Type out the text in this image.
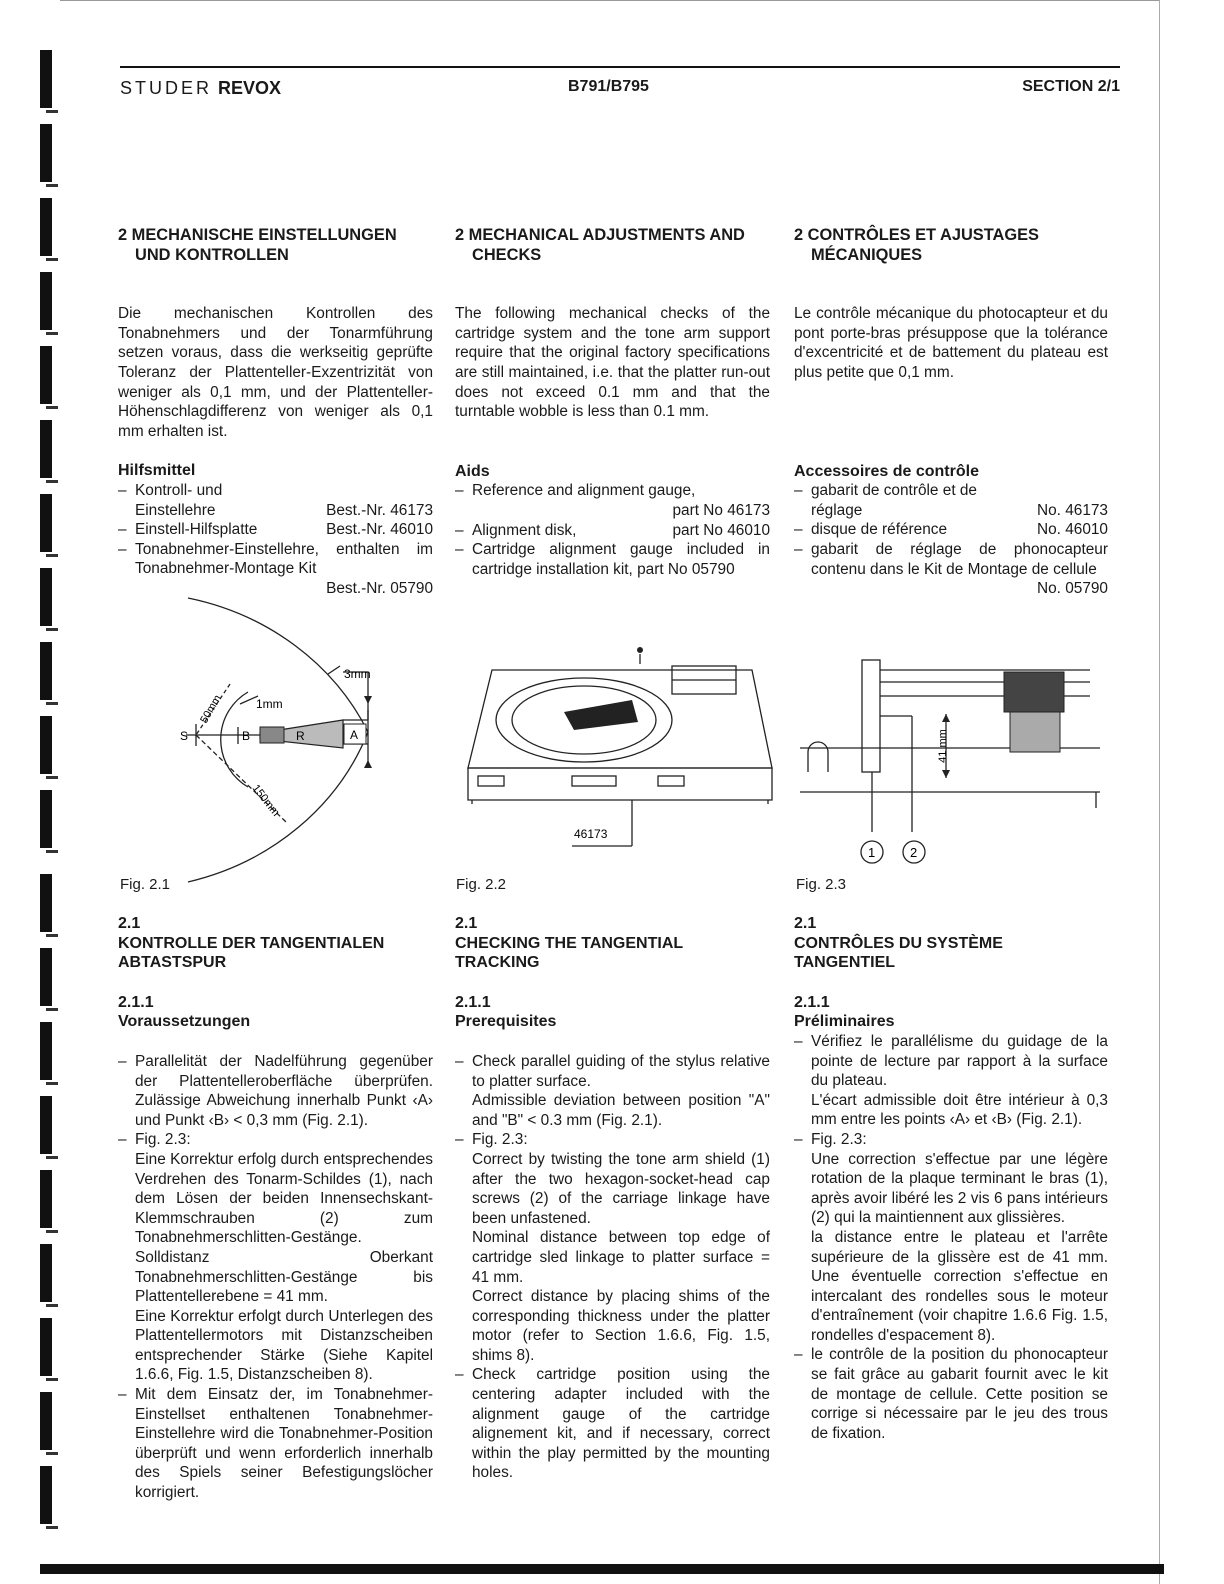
STUDER REVOX	B791/B795	SECTION 2/1
2 MECHANISCHE EINSTELLUNGEN
UND KONTROLLEN

Die mechanischen Kontrollen des Tonabnehmers und der Tonarmführung setzen voraus, dass die werkseitig geprüfte Toleranz der Plattenteller-Exzentrizität von weniger als 0,1 mm, und der Plattenteller-Höhenschlagdifferenz von weniger als 0,1 mm erhalten ist.

Hilfsmittel
– Kontroll- und
Einstellehre	Best.-Nr. 46173
– Einstell-Hilfsplatte	Best.-Nr. 46010
– Tonabnehmer-Einstellehre, enthalten im Tonabnehmer-Montage Kit
Best.-Nr. 05790
2 MECHANICAL ADJUSTMENTS AND
CHECKS

The following mechanical checks of the cartridge system and the tone arm support require that the original factory specifications are still maintained, i.e. that the platter run-out does not exceed 0.1 mm and that the turntable wobble is less than 0.1 mm.

Aids
– Reference and alignment gauge,
part No 46173
– Alignment disk,	part No 46010
– Cartridge alignment gauge included in cartridge installation kit, part No 05790
2 CONTRÔLES ET AJUSTAGES
MÉCANIQUES

Le contrôle mécanique du photocapteur et du pont porte-bras présuppose que la tolérance d'excentricité et de battement du plateau est plus petite que 0,1 mm.

Accessoires de contrôle
– gabarit de contrôle et de
réglage	No. 46173
– disque de référence	No. 46010
– gabarit de réglage de phonocapteur contenu dans le Kit de Montage de cellule
No. 05790
3mm
1mm
50mm
150mm
S	B	R	A
Fig. 2.1
46173
Fig. 2.2
41 mm
1	2
Fig. 2.3
2.1
KONTROLLE DER TANGENTIALEN ABTASTSPUR
2.1.1
Voraussetzungen
– Parallelität der Nadelführung gegenüber der Plattentelleroberfläche überprüfen. Zulässige Abweichung innerhalb Punkt ‹A› und Punkt ‹B› < 0,3 mm (Fig. 2.1).
– Fig. 2.3:

Eine Korrektur erfolg durch entsprechendes Verdrehen des Tonarm-Schildes (1), nach dem Lösen der beiden Innensechskant-Klemmschrauben (2) zum Tonabnehmerschlitten-Gestänge.

Solldistanz Oberkant Tonabnehmerschlitten-Gestänge bis Plattentellerebene = 41 mm.

Eine Korrektur erfolgt durch Unterlegen des Plattentellermotors mit Distanzscheiben entsprechender Stärke (Siehe Kapitel 1.6.6, Fig. 1.5, Distanzscheiben 8).

– Mit dem Einsatz der, im Tonabnehmer-Einstellset enthaltenen Tonabnehmer-Einstellehre wird die Tonabnehmer-Position überprüft und wenn erforderlich innerhalb des Spiels seiner Befestigungslöcher korrigiert.
2.1
CHECKING THE TANGENTIAL TRACKING
2.1.1
Prerequisites

– Check parallel guiding of the stylus relative to platter surface.

Admissible deviation between position "A" and "B" < 0.3 mm (Fig. 2.1).

– Fig. 2.3:

Correct by twisting the tone arm shield (1) after the two hexagon-socket-head cap screws (2) of the carriage linkage have been unfastened.

Nominal distance between top edge of cartridge sled linkage to platter surface = 41 mm.

Correct distance by placing shims of the corresponding thickness under the platter motor (refer to Section 1.6.6, Fig. 1.5, shims 8).

– Check cartridge position using the centering adapter included with the alignment gauge of the cartridge alignement kit, and if necessary, correct within the play permitted by the mounting holes.
2.1
CONTRÔLES DU SYSTÈME TANGENTIEL
2.1.1
Préliminaires

– Vérifiez le parallélisme du guidage de la pointe de lecture par rapport à la surface du plateau.

L'écart admissible doit être intérieur à 0,3 mm entre les points ‹A› et ‹B› (Fig. 2.1).

– Fig. 2.3:

Une correction s'effectue par une légère rotation de la plaque terminant le bras (1), après avoir libéré les 2 vis 6 pans intérieurs (2) qui la maintiennent aux glissières.

la distance entre le plateau et l'arrête supérieure de la glissère est de 41 mm. Une éventuelle correction s'effectue en intercalant des rondelles sous le moteur d'entraînement (voir chapitre 1.6.6 Fig. 1.5, rondelles d'espacement 8).

– le contrôle de la position du phonocapteur se fait grâce au gabarit fournit avec le kit de montage de cellule. Cette position se corrige si nécessaire par le jeu des trous de fixation.
